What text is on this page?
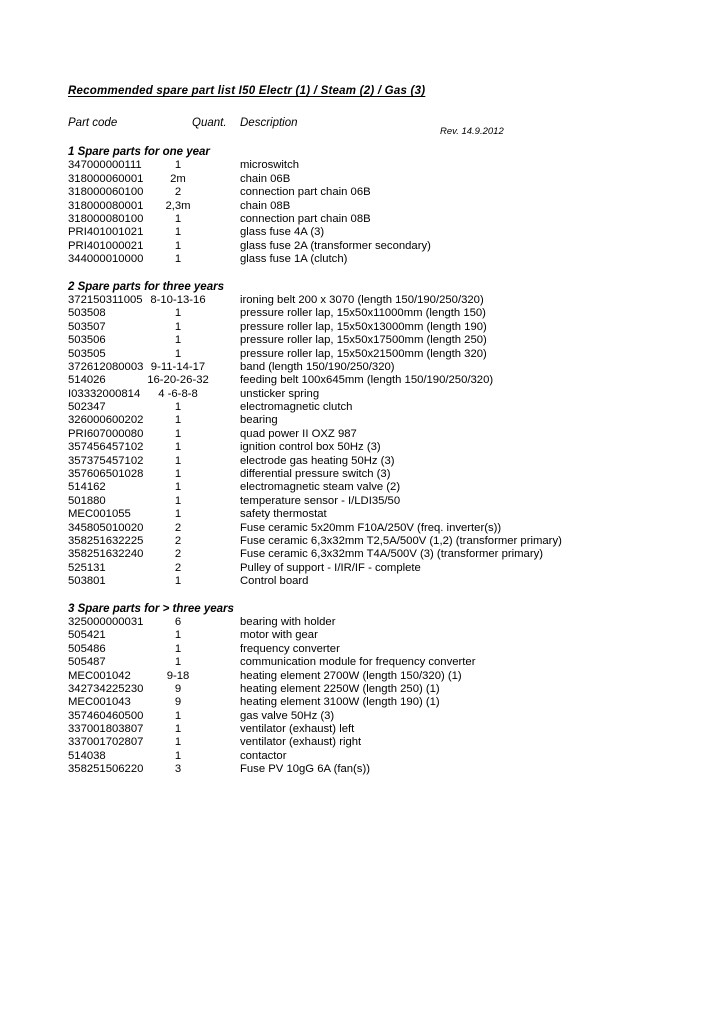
Rev. 14.9.2012
Recommended spare part list I50 Electr (1) / Steam (2) / Gas (3)
Part code	Quant. Description
1 Spare parts for one year
347000000111	1	microswitch
318000060001	2m	chain 06B
318000060100	2	connection part chain 06B
318000080001	2,3m	chain 08B
318000080100	1	connection part chain 08B
PRI401001021	1	glass fuse 4A (3)
PRI401000021	1	glass fuse 2A (transformer secondary)
344000010000	1	glass fuse 1A (clutch)
2 Spare parts for three years
372150311005 8-10-13-16	ironing belt 200 x 3070 (length 150/190/250/320)
503508	1	pressure roller lap, 15x50x11000mm (length 150)
503507	1	pressure roller lap, 15x50x13000mm (length 190)
503506	1	pressure roller lap, 15x50x17500mm (length 250)
503505	1	pressure roller lap, 15x50x21500mm (length 320)
372612080003 9-11-14-17	band (length 150/190/250/320)
514026	16-20-26-32	feeding belt 100x645mm (length 150/190/250/320)
I03332000814	4 -6-8-8	unsticker spring
502347	1	electromagnetic clutch
326000600202	1	bearing
PRI607000080	1	quad power II OXZ 987
357456457102	1	ignition control box 50Hz (3)
357375457102	1	electrode gas heating 50Hz (3)
357606501028	1	differential pressure switch (3)
514162	1	electromagnetic steam valve (2)
501880	1	temperature sensor - I/LDI35/50
MEC001055	1	safety thermostat
345805010020	2	Fuse ceramic 5x20mm F10A/250V (freq. inverter(s))
358251632225	2	Fuse ceramic 6,3x32mm T2,5A/500V (1,2) (transformer primary)
358251632240	2	Fuse ceramic 6,3x32mm T4A/500V (3) (transformer primary)
525131	2	Pulley of support - I/IR/IF - complete
503801	1	Control board
3 Spare parts for > three years
325000000031	6	bearing with holder
505421	1	motor with gear
505486	1	frequency converter
505487	1	communication module for frequency converter
MEC001042	9-18	heating element 2700W (length 150/320) (1)
342734225230	9	heating element 2250W (length 250) (1)
MEC001043	9	heating element 3100W (length 190) (1)
357460460500	1	gas valve 50Hz (3)
337001803807	1	ventilator (exhaust) left
337001702807	1	ventilator (exhaust) right
514038	1	contactor
358251506220	3	Fuse PV 10gG 6A (fan(s))
